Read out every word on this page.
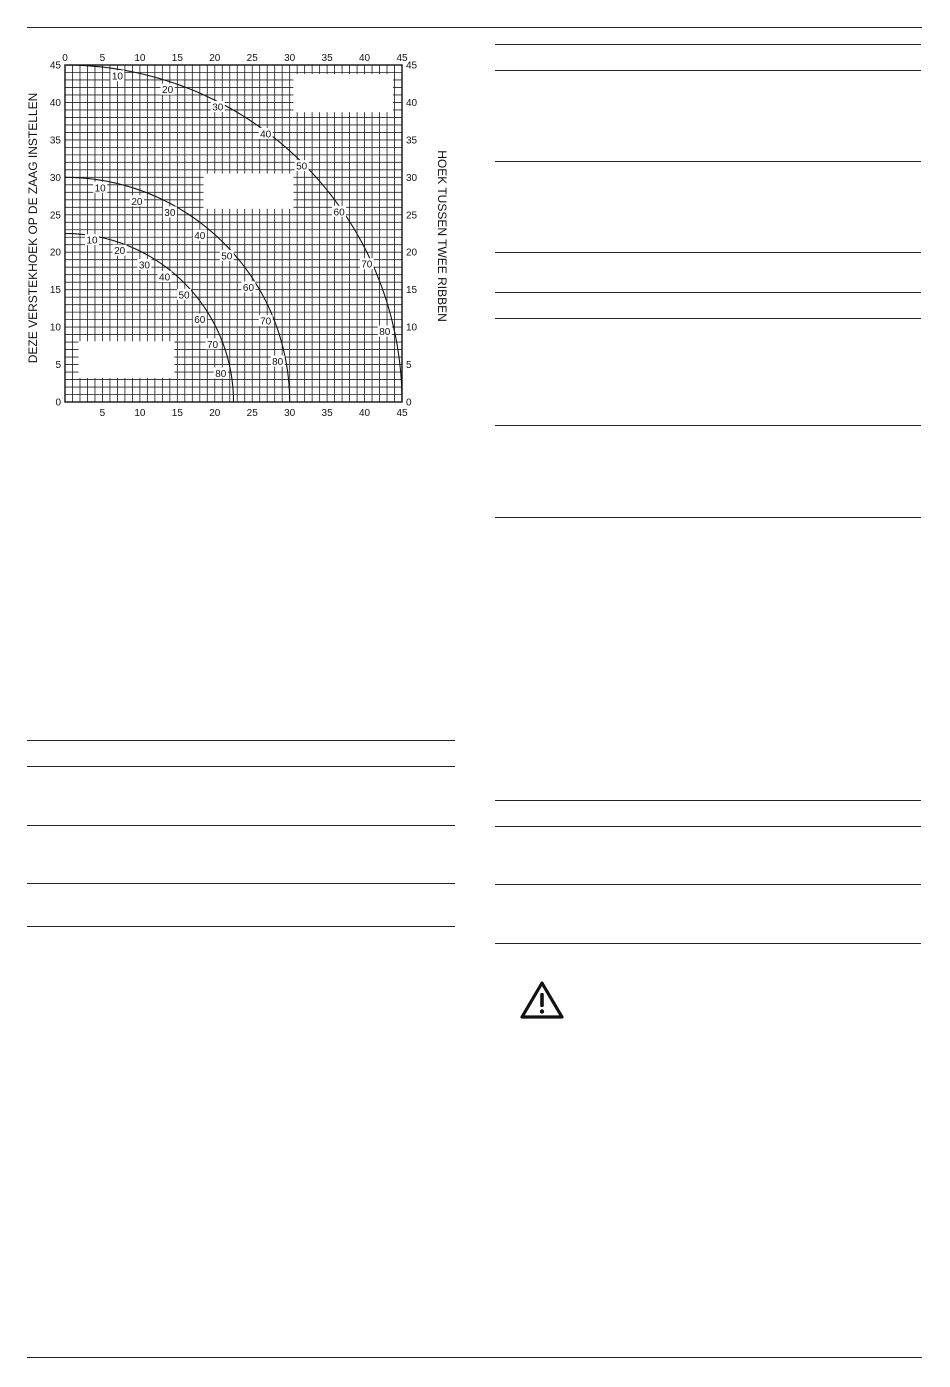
10
20
30
40
50
60
70
80
10
20
30
40
50
60
70
80
10
20
30
40
50
60
70
80
0	5	10	15	20	25	30	35	40	45
5	10	15	20	25	30	35	40	45
45
40
35
30
25
20
15
10
5
0
45
40
35
30
25
20
15
10
5
0
DEZE VERSTEKHOEK OP DE ZAAG INSTELLEN	HOEK TUSSEN TWEE RIBBEN
